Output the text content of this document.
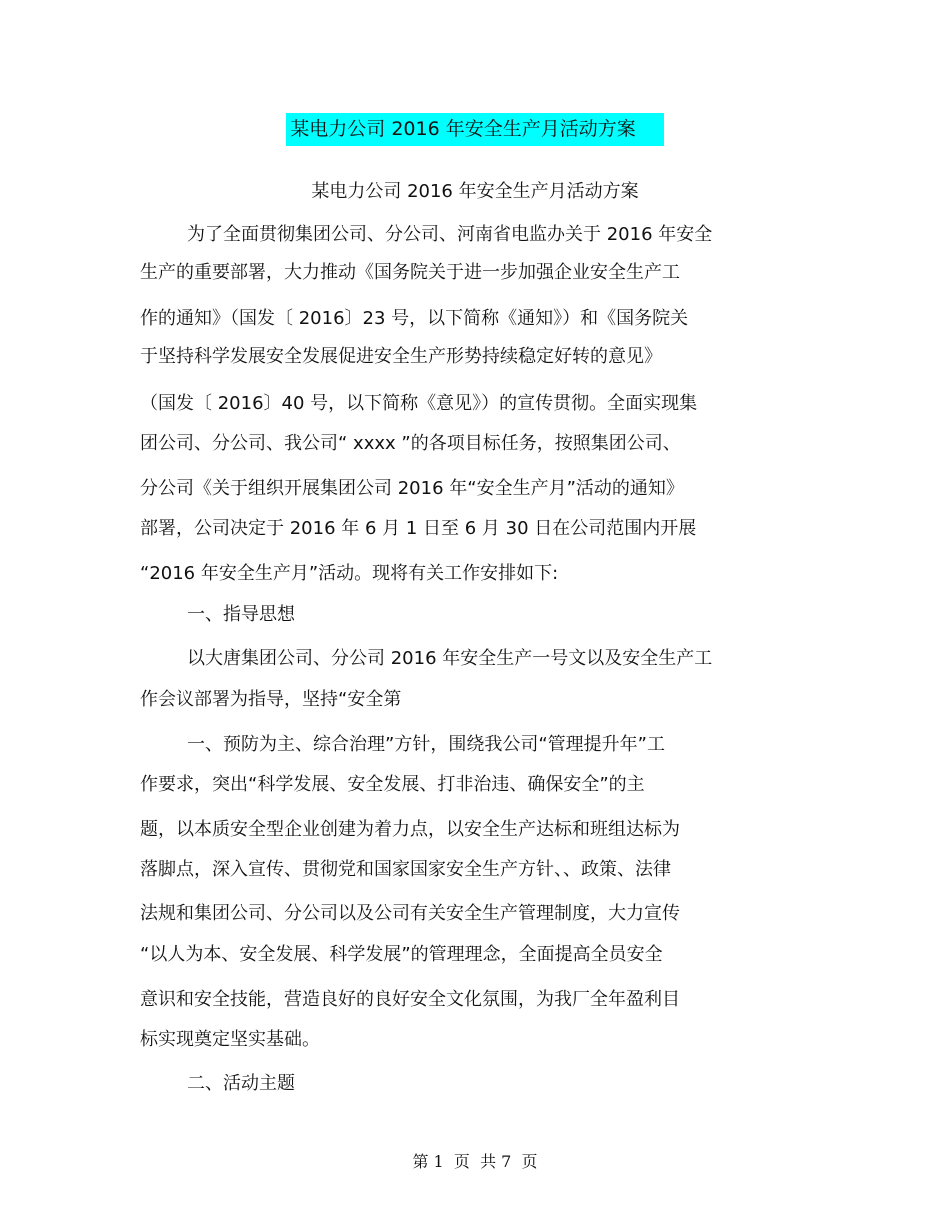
某电力公司 2016 年安全生产月活动方案
某电力公司 2016 年安全生产月活动方案
为了全面贯彻集团公司、分公司、河南省电监办关于 2016 年安全
生产的重要部署，大力推动《国务院关于进一步加强企业安全生产工
作的通知》（国发〔 2016〕23 号，以下简称《通知》）和《国务院关
于坚持科学发展安全发展促进安全生产形势持续稳定好转的意见》
（国发〔 2016〕40 号，以下简称《意见》）的宣传贯彻。全面实现集
团公司、分公司、我公司“ xxxx ”的各项目标任务，按照集团公司、
分公司《关于组织开展集团公司 2016 年“安全生产月”活动的通知》
部署，公司决定于 2016 年 6 月 1 日至 6 月 30 日在公司范围内开展
“2016 年安全生产月”活动。现将有关工作安排如下:
一、指导思想
以大唐集团公司、分公司 2016 年安全生产一号文以及安全生产工
作会议部署为指导，坚持“安全第
一、预防为主、综合治理”方针，围绕我公司“管理提升年”工
作要求，突出“科学发展、安全发展、打非治违、确保安全”的主
题，以本质安全型企业创建为着力点，以安全生产达标和班组达标为
落脚点，深入宣传、贯彻党和国家国家安全生产方针、、政策、法律
法规和集团公司、分公司以及公司有关安全生产管理制度，大力宣传
“以人为本、安全发展、科学发展”的管理理念，全面提高全员安全
意识和安全技能，营造良好的良好安全文化氛围，为我厂全年盈利目
标实现奠定坚实基础。
二、活动主题
第 1  页  共 7  页
